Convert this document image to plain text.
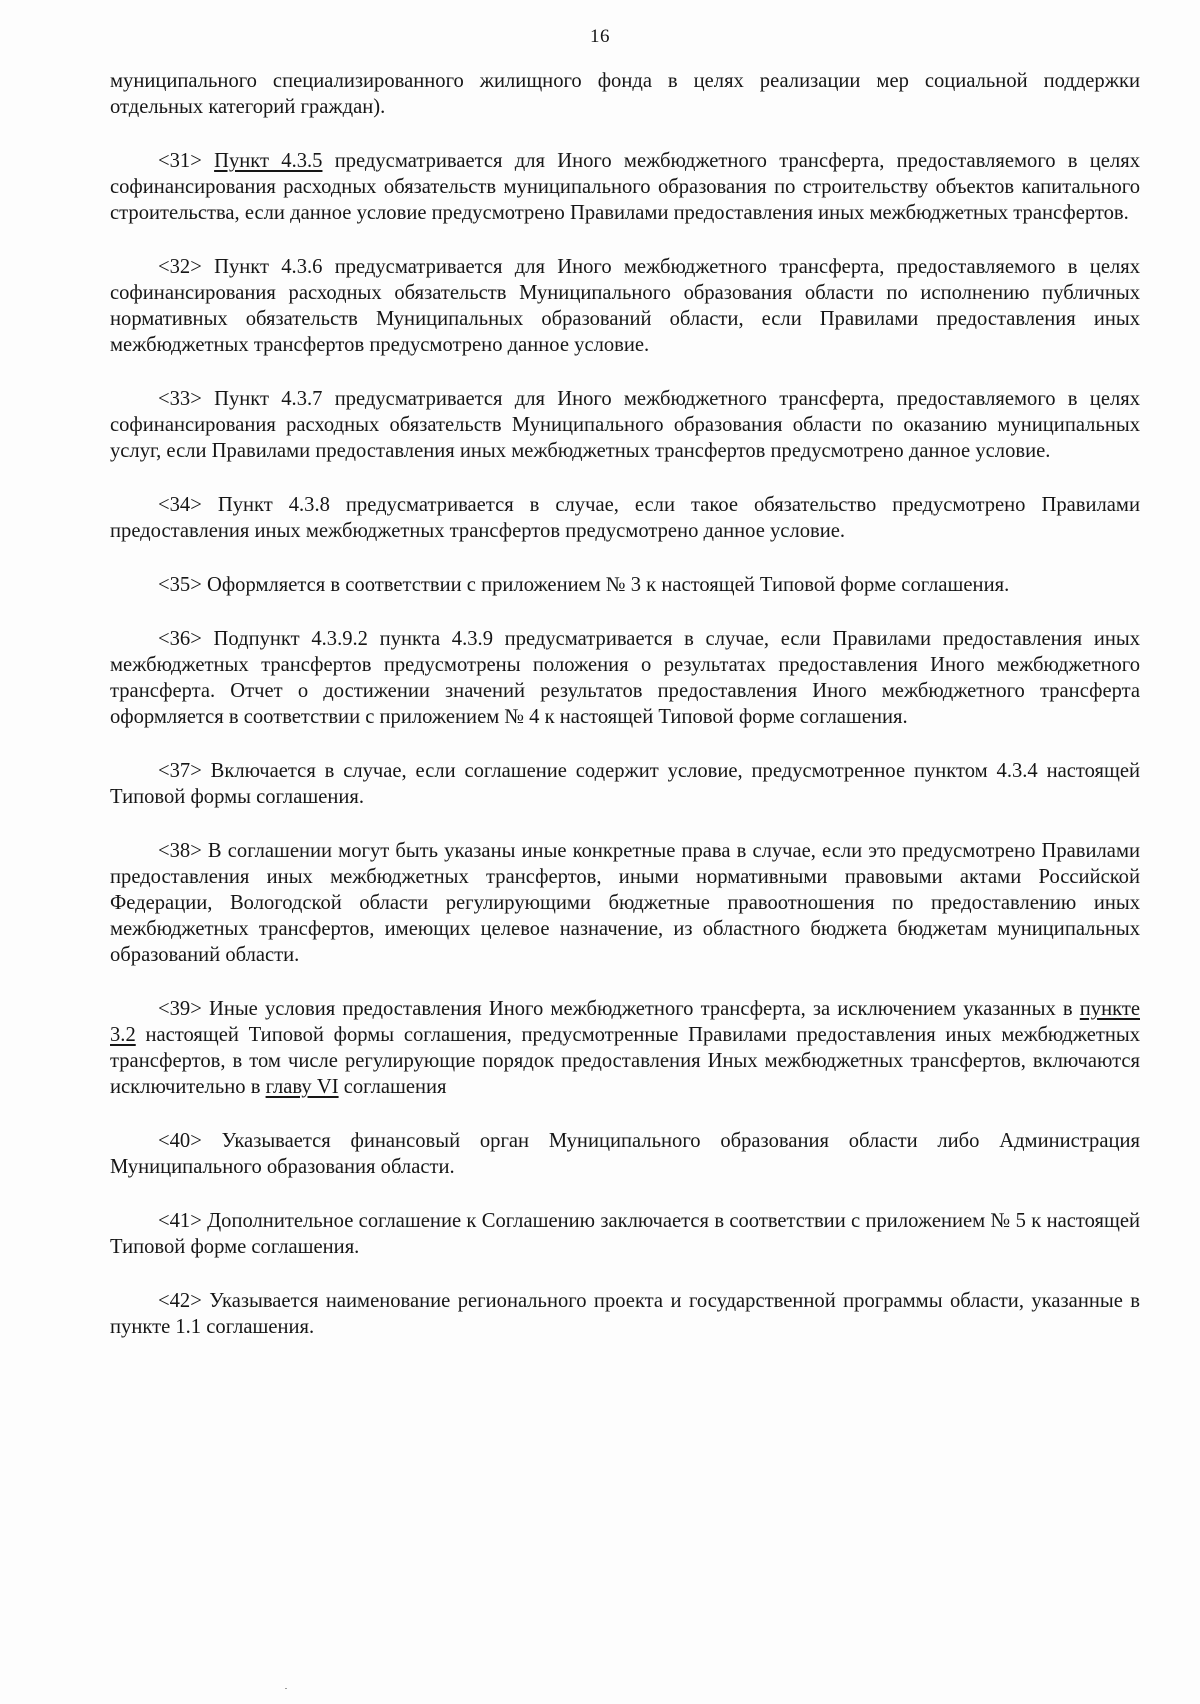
16

муниципального специализированного жилищного фонда в целях реализации мер социальной поддержки отдельных категорий граждан).

<31> Пункт 4.3.5 предусматривается для Иного межбюджетного трансферта, предоставляемого в целях софинансирования расходных обязательств муниципального образования по строительству объектов капитального строительства, если данное условие предусмотрено Правилами предоставления иных межбюджетных трансфертов.

<32> Пункт 4.3.6 предусматривается для Иного межбюджетного трансферта, предоставляемого в целях софинансирования расходных обязательств Муниципального образования области по исполнению публичных нормативных обязательств Муниципальных образований области, если Правилами предоставления иных межбюджетных трансфертов предусмотрено данное условие.

<33> Пункт 4.3.7 предусматривается для Иного межбюджетного трансферта, предоставляемого в целях софинансирования расходных обязательств Муниципального образования области по оказанию муниципальных услуг, если Правилами предоставления иных межбюджетных трансфертов предусмотрено данное условие.

<34> Пункт 4.3.8 предусматривается в случае, если такое обязательство предусмотрено Правилами предоставления иных межбюджетных трансфертов предусмотрено данное условие.

<35> Оформляется в соответствии с приложением № 3 к настоящей Типовой форме соглашения.

<36> Подпункт 4.3.9.2 пункта 4.3.9 предусматривается в случае, если Правилами предоставления иных межбюджетных трансфертов предусмотрены положения о результатах предоставления Иного межбюджетного трансферта. Отчет о достижении значений результатов предоставления Иного межбюджетного трансферта оформляется в соответствии с приложением № 4 к настоящей Типовой форме соглашения.

<37> Включается в случае, если соглашение содержит условие, предусмотренное пунктом 4.3.4 настоящей Типовой формы соглашения.

<38> В соглашении могут быть указаны иные конкретные права в случае, если это предусмотрено Правилами предоставления иных межбюджетных трансфертов, иными нормативными правовыми актами Российской Федерации, Вологодской области регулирующими бюджетные правоотношения по предоставлению иных межбюджетных трансфертов, имеющих целевое назначение, из областного бюджета бюджетам муниципальных образований области.

<39> Иные условия предоставления Иного межбюджетного трансферта, за исключением указанных в пункте 3.2 настоящей Типовой формы соглашения, предусмотренные Правилами предоставления иных межбюджетных трансфертов, в том числе регулирующие порядок предоставления Иных межбюджетных трансфертов, включаются исключительно в главу VI соглашения

<40> Указывается финансовый орган Муниципального образования области либо Администрация Муниципального образования области.

<41> Дополнительное соглашение к Соглашению заключается в соответствии с приложением № 5 к настоящей Типовой форме соглашения.

<42> Указывается наименование регионального проекта и государственной программы области, указанные в пункте 1.1 соглашения.
